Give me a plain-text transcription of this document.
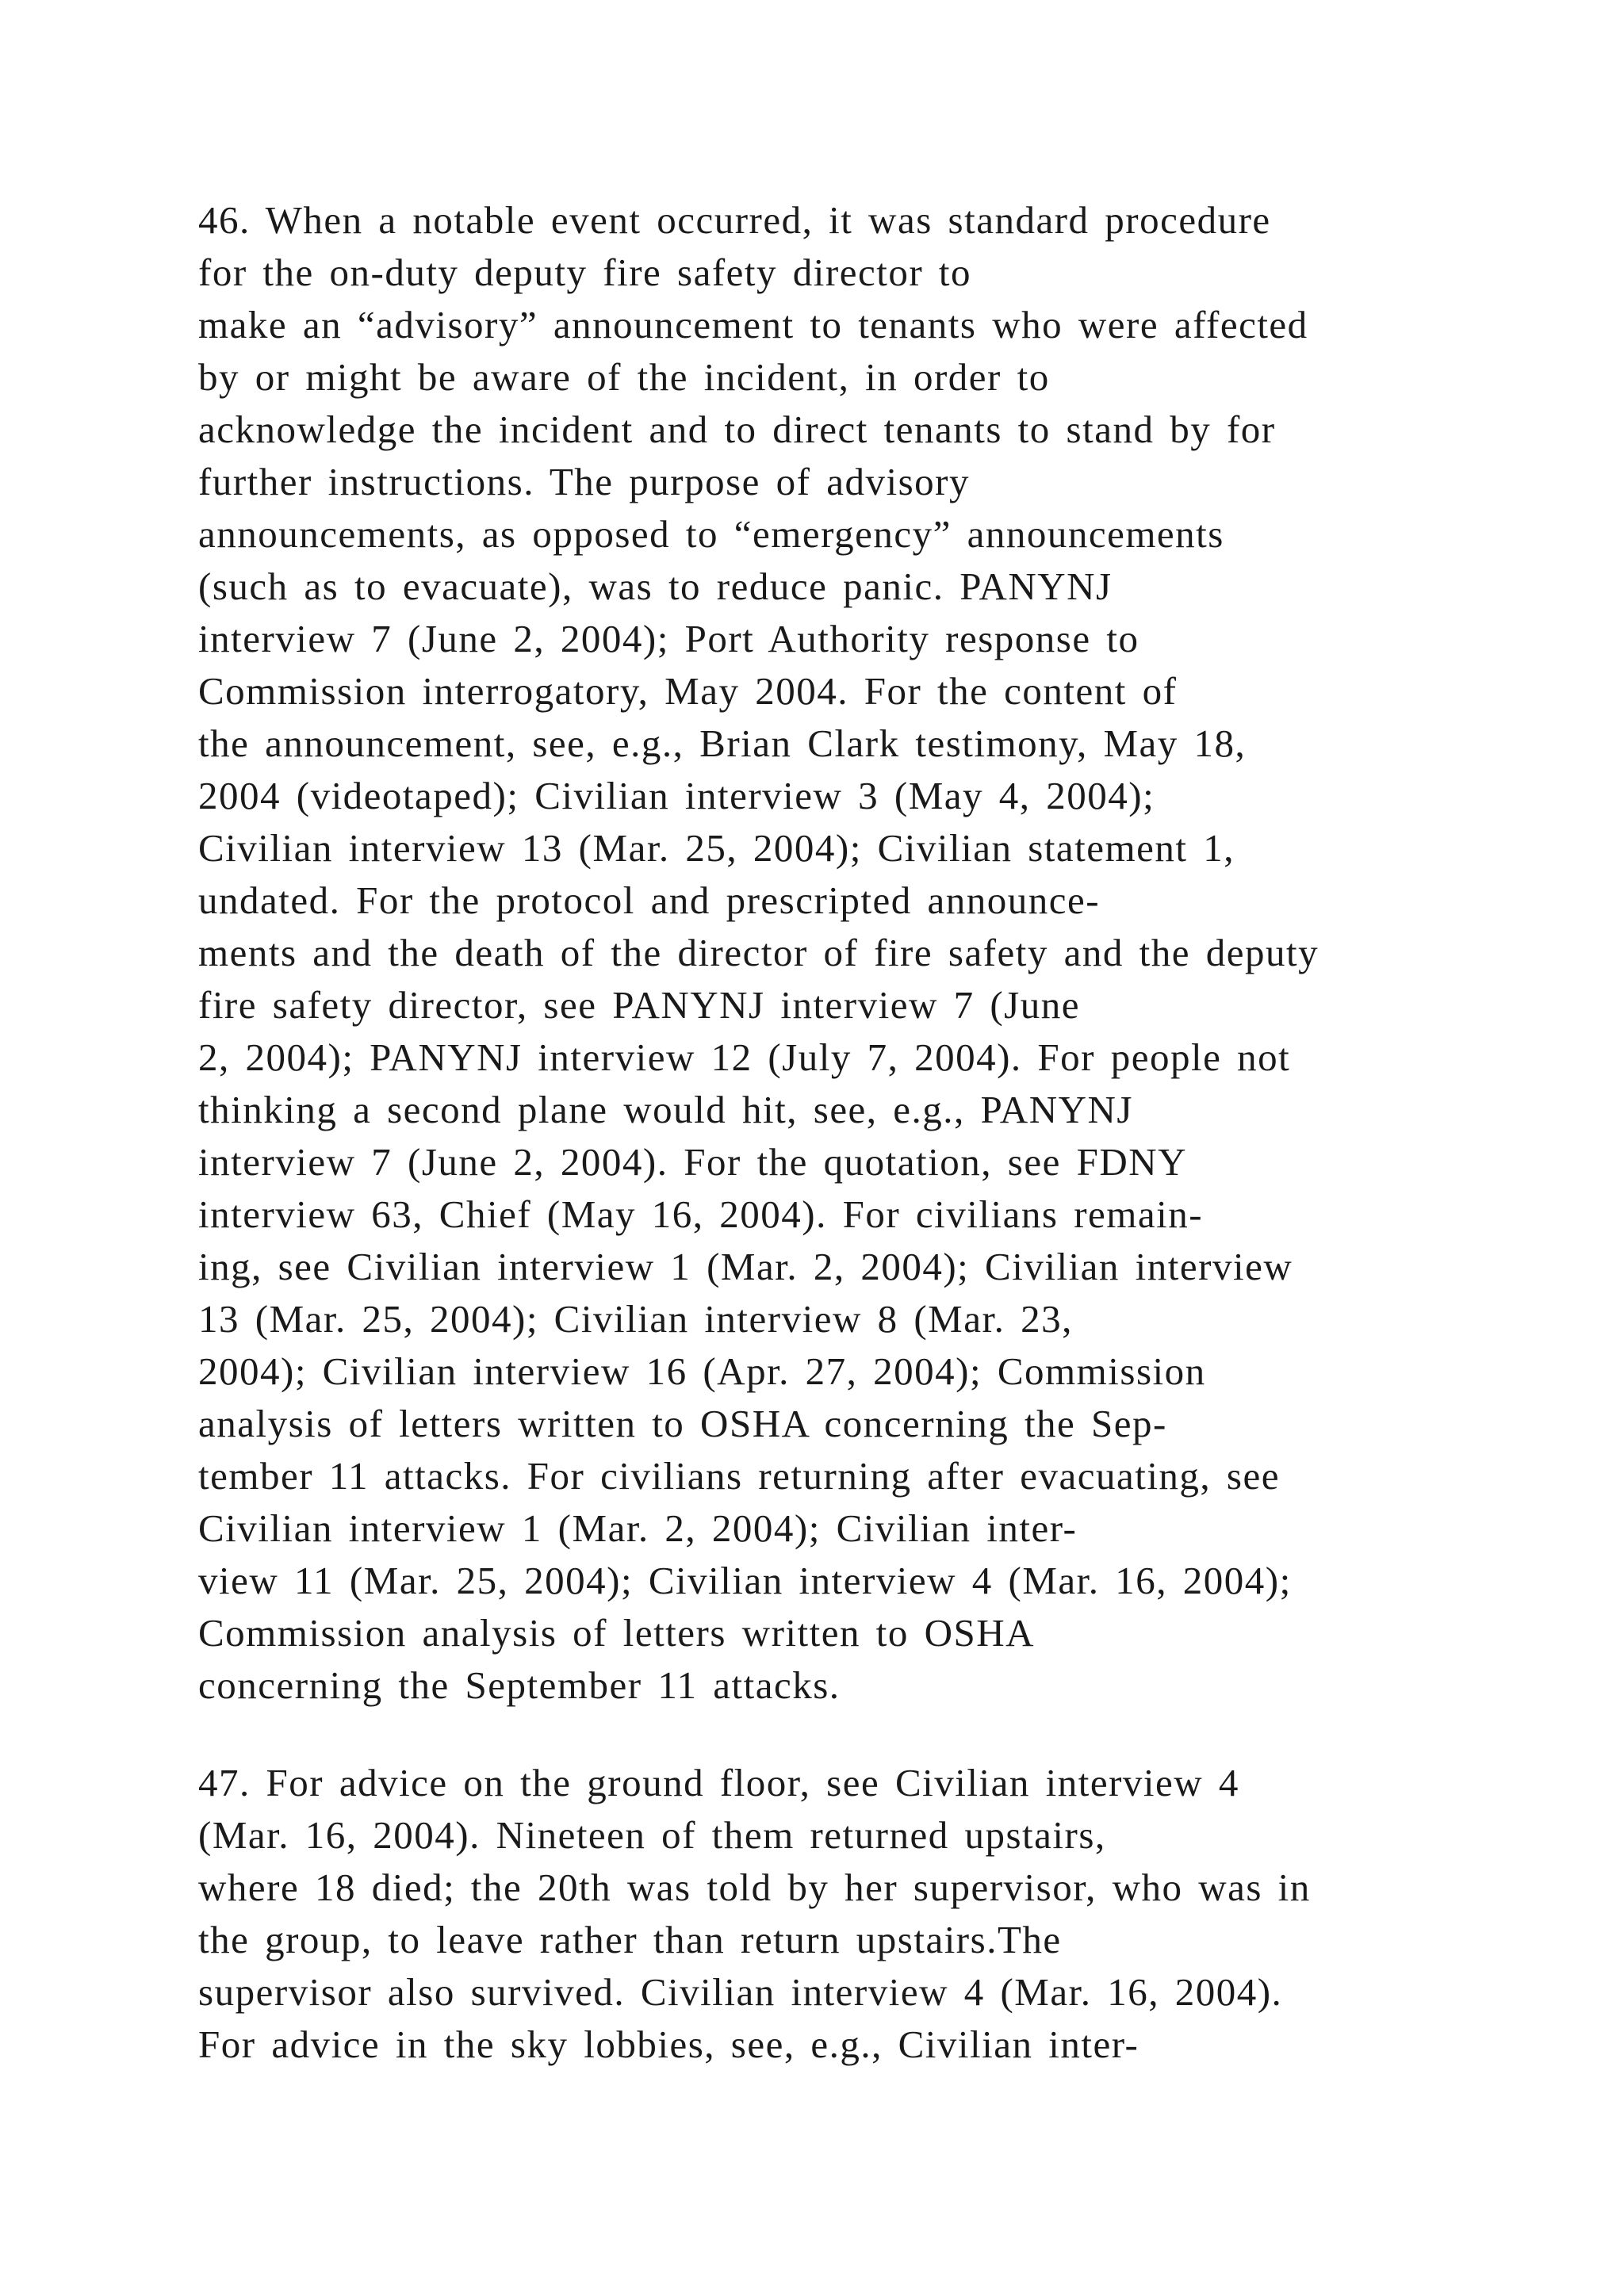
46. When a notable event occurred, it was standard procedure
for the on-duty deputy fire safety director to
make an “advisory” announcement to tenants who were affected
by or might be aware of the incident, in order to
acknowledge the incident and to direct tenants to stand by for
further instructions. The purpose of advisory
announcements, as opposed to “emergency” announcements
(such as to evacuate), was to reduce panic. PANYNJ
interview 7 (June 2, 2004); Port Authority response to
Commission interrogatory, May 2004. For the content of
the announcement, see, e.g., Brian Clark testimony, May 18,
2004 (videotaped); Civilian interview 3 (May 4, 2004);
Civilian interview 13 (Mar. 25, 2004); Civilian statement 1,
undated. For the protocol and prescripted announce-
ments and the death of the director of fire safety and the deputy
fire safety director, see PANYNJ interview 7 (June
2, 2004); PANYNJ interview 12 (July 7, 2004). For people not
thinking a second plane would hit, see, e.g., PANYNJ
interview 7 (June 2, 2004). For the quotation, see FDNY
interview 63, Chief (May 16, 2004). For civilians remain-
ing, see Civilian interview 1 (Mar. 2, 2004); Civilian interview
13 (Mar. 25, 2004); Civilian interview 8 (Mar. 23,
2004); Civilian interview 16 (Apr. 27, 2004); Commission
analysis of letters written to OSHA concerning the Sep-
tember 11 attacks. For civilians returning after evacuating, see
Civilian interview 1 (Mar. 2, 2004); Civilian inter-
view 11 (Mar. 25, 2004); Civilian interview 4 (Mar. 16, 2004);
Commission analysis of letters written to OSHA
concerning the September 11 attacks.
47. For advice on the ground floor, see Civilian interview 4
(Mar. 16, 2004). Nineteen of them returned upstairs,
where 18 died; the 20th was told by her supervisor, who was in
the group, to leave rather than return upstairs.The
supervisor also survived. Civilian interview 4 (Mar. 16, 2004).
For advice in the sky lobbies, see, e.g., Civilian inter-
